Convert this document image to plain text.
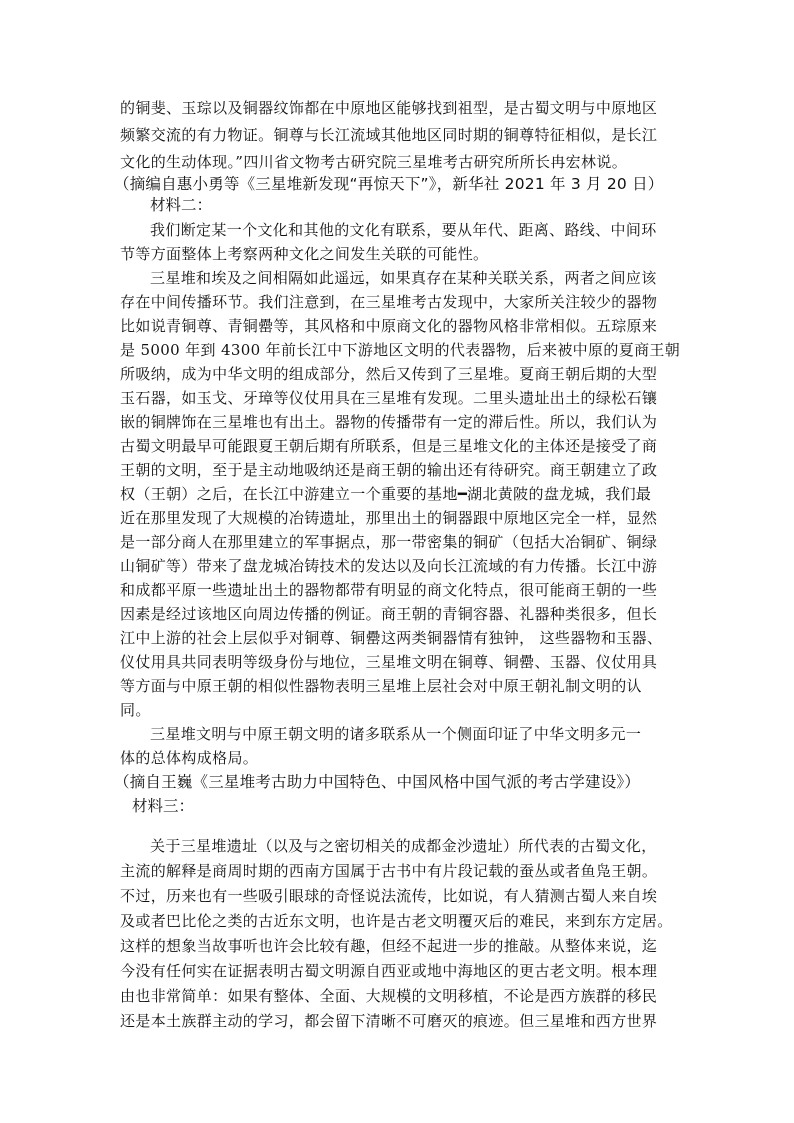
的铜斐、玉琮以及铜器纹饰都在中原地区能够找到祖型，是古蜀文明与中原地区
频繁交流的有力物证。铜尊与长江流域其他地区同时期的铜尊特征相似，是长江
文化的生动体现。”四川省文物考古研究院三星堆考古研究所所长冉宏林说。
（摘编自惠小勇等《三星堆新发现“再惊天下”》，新华社 2021 年 3 月 20 日）
材料二：
我们断定某一个文化和其他的文化有联系，要从年代、距离、路线、中间环
节等方面整体上考察两种文化之间发生关联的可能性。
三星堆和埃及之间相隔如此遥远，如果真存在某种关联关系，两者之间应该
存在中间传播环节。我们注意到，在三星堆考古发现中，大家所关注较少的器物
比如说青铜尊、青铜罍等，其风格和中原商文化的器物风格非常相似。五琮原来
是 5000 年到 4300 年前长江中下游地区文明的代表器物，后来被中原的夏商王朝
所吸纳，成为中华文明的组成部分，然后又传到了三星堆。夏商王朝后期的大型
玉石器，如玉戈、牙璋等仪仗用具在三星堆有发现。二里头遗址出土的绿松石镶
嵌的铜牌饰在三星堆也有出土。器物的传播带有一定的滞后性。所以，我们认为
古蜀文明最早可能跟夏王朝后期有所联系，但是三星堆文化的主体还是接受了商
王朝的文明，至于是主动地吸纳还是商王朝的输出还有待研究。商王朝建立了政
权（王朝）之后，在长江中游建立一个重要的基地━湖北黄陂的盘龙城，我们最
近在那里发现了大规模的冶铸遗址，那里出土的铜器跟中原地区完全一样，显然
是一部分商人在那里建立的军事据点，那一带密集的铜矿（包括大冶铜矿、铜绿
山铜矿等）带来了盘龙城冶铸技术的发达以及向长江流域的有力传播。长江中游
和成都平原一些遗址出土的器物都带有明显的商文化特点，很可能商王朝的一些
因素是经过该地区向周边传播的例证。商王朝的青铜容器、礼器种类很多，但长
江中上游的社会上层似乎对铜尊、铜罍这两类铜器情有独钟， 这些器物和玉器、
仪仗用具共同表明等级身份与地位，三星堆文明在铜尊、铜罍、玉器、仪仗用具
等方面与中原王朝的相似性器物表明三星堆上层社会对中原王朝礼制文明的认
同。
三星堆文明与中原王朝文明的诸多联系从一个侧面印证了中华文明多元一
体的总体构成格局。
（摘自王巍《三星堆考古助力中国特色、中国风格中国气派的考古学建设》）
材料三：
关于三星堆遗址（以及与之密切相关的成都金沙遗址）所代表的古蜀文化，
主流的解释是商周时期的西南方国属于古书中有片段记载的蚕丛或者鱼凫王朝。
不过，历来也有一些吸引眼球的奇怪说法流传，比如说，有人猜测古蜀人来自埃
及或者巴比伦之类的古近东文明，也许是古老文明覆灭后的难民，来到东方定居。
这样的想象当故事听也许会比较有趣，但经不起进一步的推敲。从整体来说，迄
今没有任何实在证据表明古蜀文明源自西亚或地中海地区的更古老文明。根本理
由也非常简单：如果有整体、全面、大规模的文明移植，不论是西方族群的移民
还是本土族群主动的学习，都会留下清晰不可磨灭的痕迹。但三星堆和西方世界
